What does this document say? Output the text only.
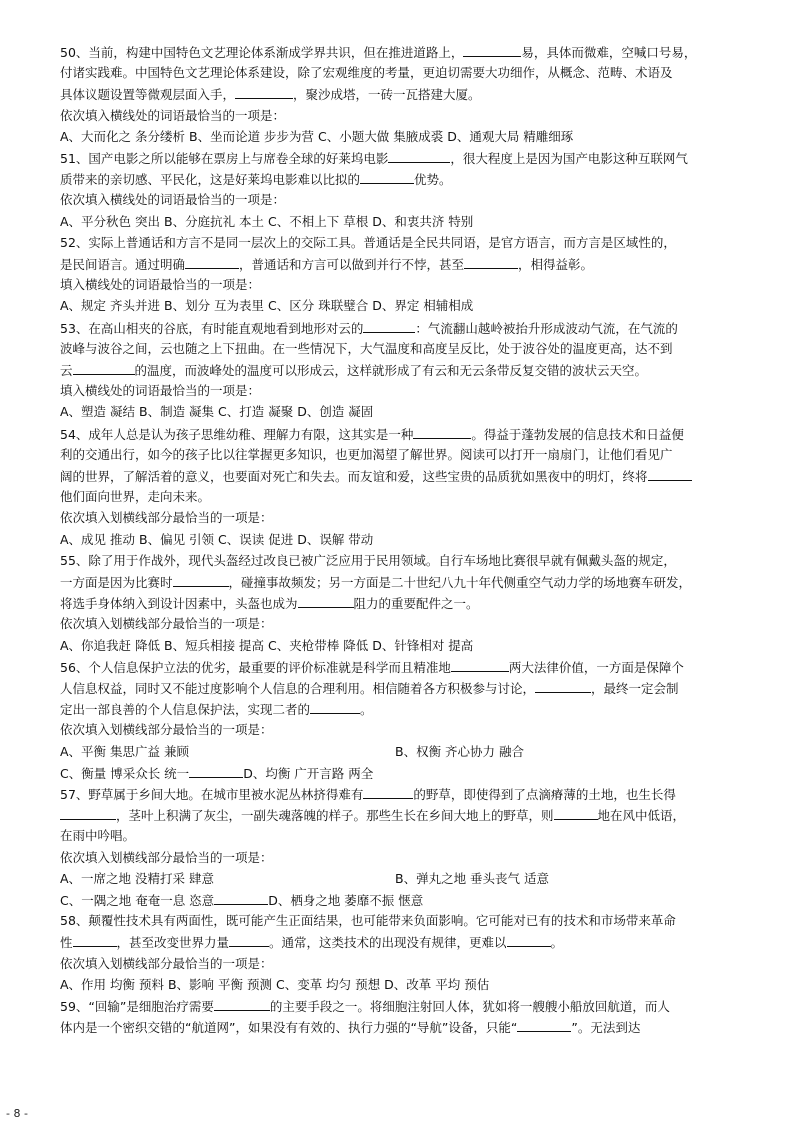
50、当前，构建中国特色文艺理论体系渐成学界共识，但在推进道路上，	易，具体而微难，空喊口号易，
付诸实践难。中国特色文艺理论体系建设，除了宏观维度的考量，更迫切需要大功细作，从概念、范畴、术语及
具体议题设置等微观层面入手，	，聚沙成塔，一砖一瓦搭建大厦。
依次填入横线处的词语最恰当的一项是：
A、大而化之 条分缕析 B、坐而论道 步步为营 C、小题大做 集腋成裘 D、通观大局 精雕细琢
51、国产电影之所以能够在票房上与席卷全球的好莱坞电影	，很大程度上是因为国产电影这种互联网气
质带来的亲切感、平民化，这是好莱坞电影难以比拟的	优势。
依次填入横线处的词语最恰当的一项是：
A、平分秋色 突出 B、分庭抗礼 本土 C、不相上下 草根 D、和衷共济 特别
52、实际上普通话和方言不是同一层次上的交际工具。普通话是全民共同语，是官方语言，而方言是区域性的，
是民间语言。通过明确	，普通话和方言可以做到并行不悖，甚至	，相得益彰。
填入横线处的词语最恰当的一项是：
A、规定 齐头并进 B、划分 互为表里 C、区分 珠联璧合 D、界定 相辅相成
53、在高山相夹的谷底，有时能直观地看到地形对云的	：气流翻山越岭被抬升形成波动气流，在气流的
波峰与波谷之间，云也随之上下扭曲。在一些情况下，大气温度和高度呈反比，处于波谷处的温度更高，达不到
云	的温度，而波峰处的温度可以形成云，这样就形成了有云和无云条带反复交错的波状云天空。
填入横线处的词语最恰当的一项是：
A、塑造 凝结 B、制造 凝集 C、打造 凝聚 D、创造 凝固
54、成年人总是认为孩子思维幼稚、理解力有限，这其实是一种	。得益于蓬勃发展的信息技术和日益便
利的交通出行，如今的孩子比以往掌握更多知识，也更加渴望了解世界。阅读可以打开一扇扇门，让他们看见广
阔的世界，了解活着的意义，也要面对死亡和失去。而友谊和爱，这些宝贵的品质犹如黑夜中的明灯，终将
他们面向世界，走向未来。
依次填入划横线部分最恰当的一项是：
A、成见 推动 B、偏见 引领 C、误读 促进 D、误解 带动
55、除了用于作战外，现代头盔经过改良已被广泛应用于民用领域。自行车场地比赛很早就有佩戴头盔的规定，
一方面是因为比赛时	，碰撞事故频发；另一方面是二十世纪八九十年代侧重空气动力学的场地赛车研发，
将选手身体纳入到设计因素中，头盔也成为	阻力的重要配件之一。
依次填入划横线部分最恰当的一项是：
A、你追我赶 降低 B、短兵相接 提高 C、夹枪带棒 降低 D、针锋相对 提高
56、个人信息保护立法的优劣，最重要的评价标准就是科学而且精准地	两大法律价值，一方面是保障个
人信息权益，同时又不能过度影响个人信息的合理利用。相信随着各方积极参与讨论，	，最终一定会制
定出一部良善的个人信息保护法，实现二者的	。
依次填入划横线部分最恰当的一项是：
A、平衡 集思广益 兼顾	B、权衡 齐心协力 融合
C、衡量 博采众长 统一	D、均衡 广开言路 两全
57、野草属于乡间大地。在城市里被水泥丛林挤得难有	的野草，即使得到了点滴瘠薄的土地，也生长得
，茎叶上积满了灰尘，一副失魂落魄的样子。那些生长在乡间大地上的野草，则	地在风中低语，
在雨中吟唱。
依次填入划横线部分最恰当的一项是：
A、一席之地 没精打采 肆意	B、弹丸之地 垂头丧气 适意
C、一隅之地 奄奄一息 恣意	D、栖身之地 萎靡不振 惬意
58、颠覆性技术具有两面性，既可能产生正面结果，也可能带来负面影响。它可能对已有的技术和市场带来革命
性	，甚至改变世界力量	。通常，这类技术的出现没有规律，更难以	。
依次填入划横线部分最恰当的一项是：
A、作用 均衡 预料 B、影响 平衡 预测 C、变革 均匀 预想 D、改革 平均 预估
59、“回输”是细胞治疗需要	的主要手段之一。将细胞注射回人体，犹如将一艘艘小船放回航道，而人
体内是一个密织交错的“航道网”，如果没有有效的、执行力强的“导航”设备，只能“	”。无法到达
- 8 -
